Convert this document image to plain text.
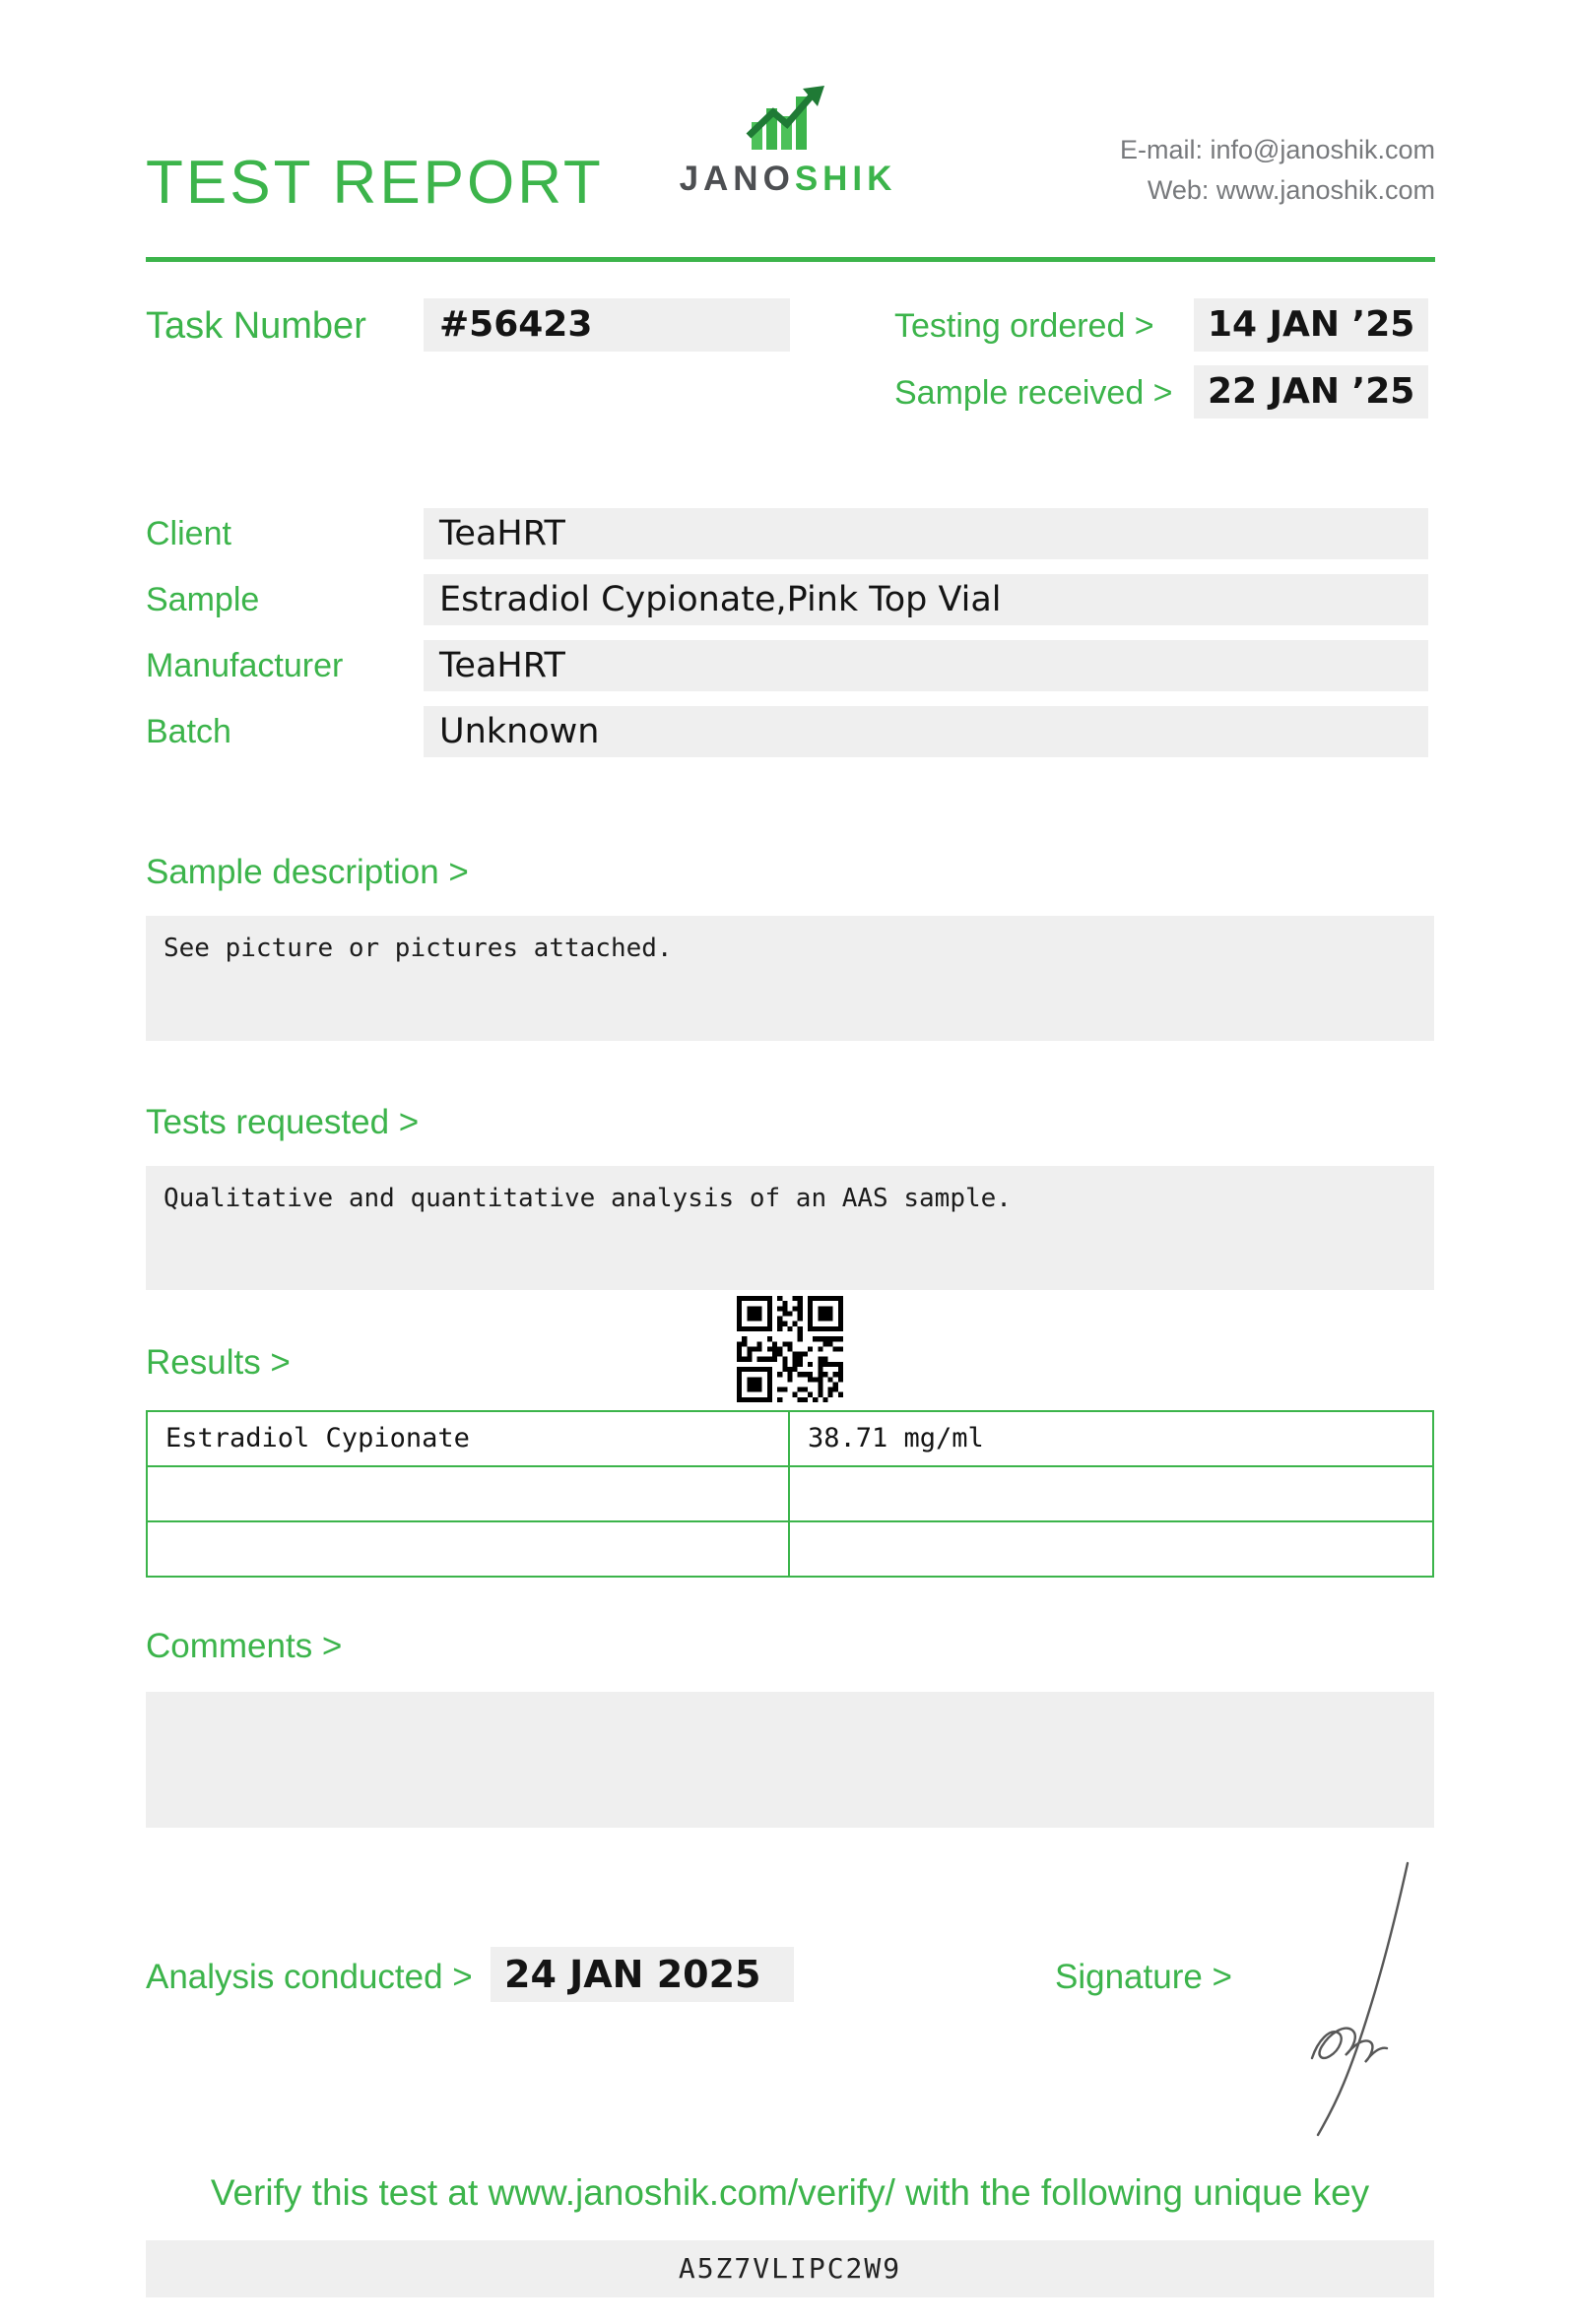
TEST REPORT JANOSHIK
E-mail: info@janoshik.com
Web: www.janoshik.com
Task Number	#56423	Testing ordered >	14 JAN ’25
Sample received > 22 JAN ’25
Client	TeaHRT
Sample	Estradiol Cypionate,Pink Top Vial
Manufacturer	TeaHRT
Batch	Unknown
Sample description >
See picture or pictures attached.
Tests requested >
Qualitative and quantitative analysis of an AAS sample.
Results >
Estradiol Cypionate	38.71 mg/ml
Comments >
Analysis conducted > 24 JAN 2025	Signature >
Verify this test at www.janoshik.com/verify/ with the following unique key
A5Z7VLIPC2W9
